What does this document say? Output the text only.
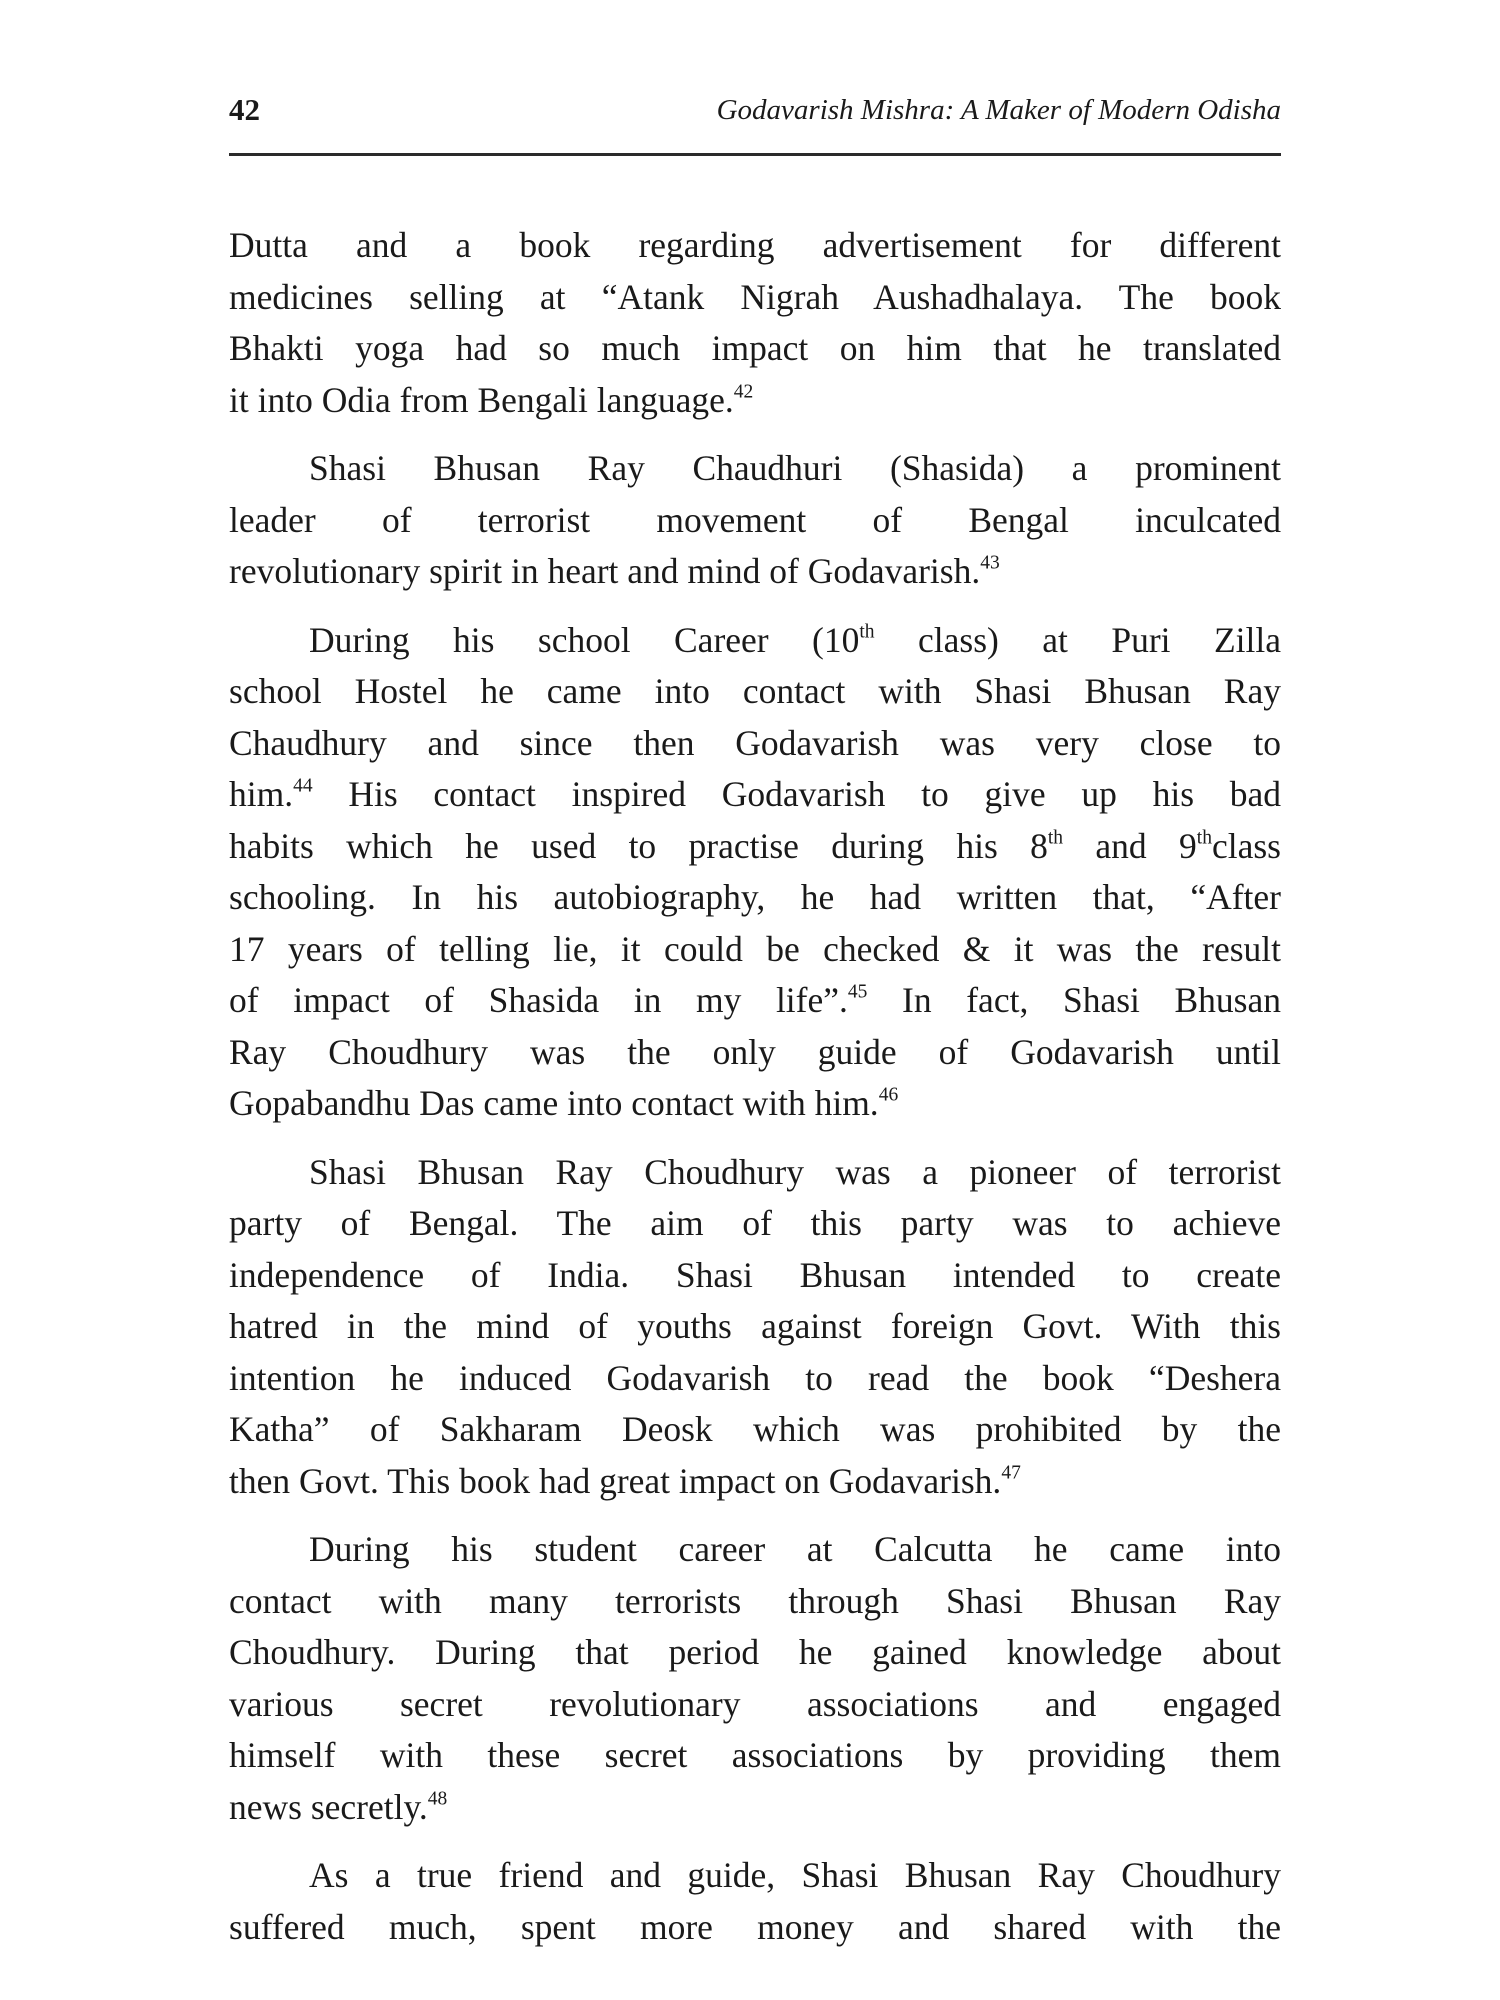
42	Godavarish Mishra: A Maker of Modern Odisha
Dutta and a book regarding advertisement for different
medicines selling at “Atank Nigrah Aushadhalaya. The book
Bhakti yoga had so much impact on him that he translated
it into Odia from Bengali language.$^{42}$
Shasi Bhusan Ray Chaudhuri (Shasida) a prominent
leader of terrorist movement of Bengal inculcated
revolutionary spirit in heart and mind of Godavarish.$^{43}$
During his school Career (10th class) at Puri Zilla
school Hostel he came into contact with Shasi Bhusan Ray
Chaudhury and since then Godavarish was very close to
him.$^{44}$ His contact inspired Godavarish to give up his bad
habits which he used to practise during his 8th and 9thclass
schooling. In his autobiography, he had written that, “After
17 years of telling lie, it could be checked & it was the result
of impact of Shasida in my life”.$^{45}$ In fact, Shasi Bhusan
Ray Choudhury was the only guide of Godavarish until
Gopabandhu Das came into contact with him.$^{46}$
Shasi Bhusan Ray Choudhury was a pioneer of terrorist
party of Bengal. The aim of this party was to achieve
independence of India. Shasi Bhusan intended to create
hatred in the mind of youths against foreign Govt. With this
intention he induced Godavarish to read the book “Deshera
Katha” of Sakharam Deosk which was prohibited by the
then Govt. This book had great impact on Godavarish.$^{47}$
During his student career at Calcutta he came into
contact with many terrorists through Shasi Bhusan Ray
Choudhury. During that period he gained knowledge about
various secret revolutionary associations and engaged
himself with these secret associations by providing them
news secretly.$^{48}$
As a true friend and guide, Shasi Bhusan Ray Choudhury
suffered much, spent more money and shared with the
